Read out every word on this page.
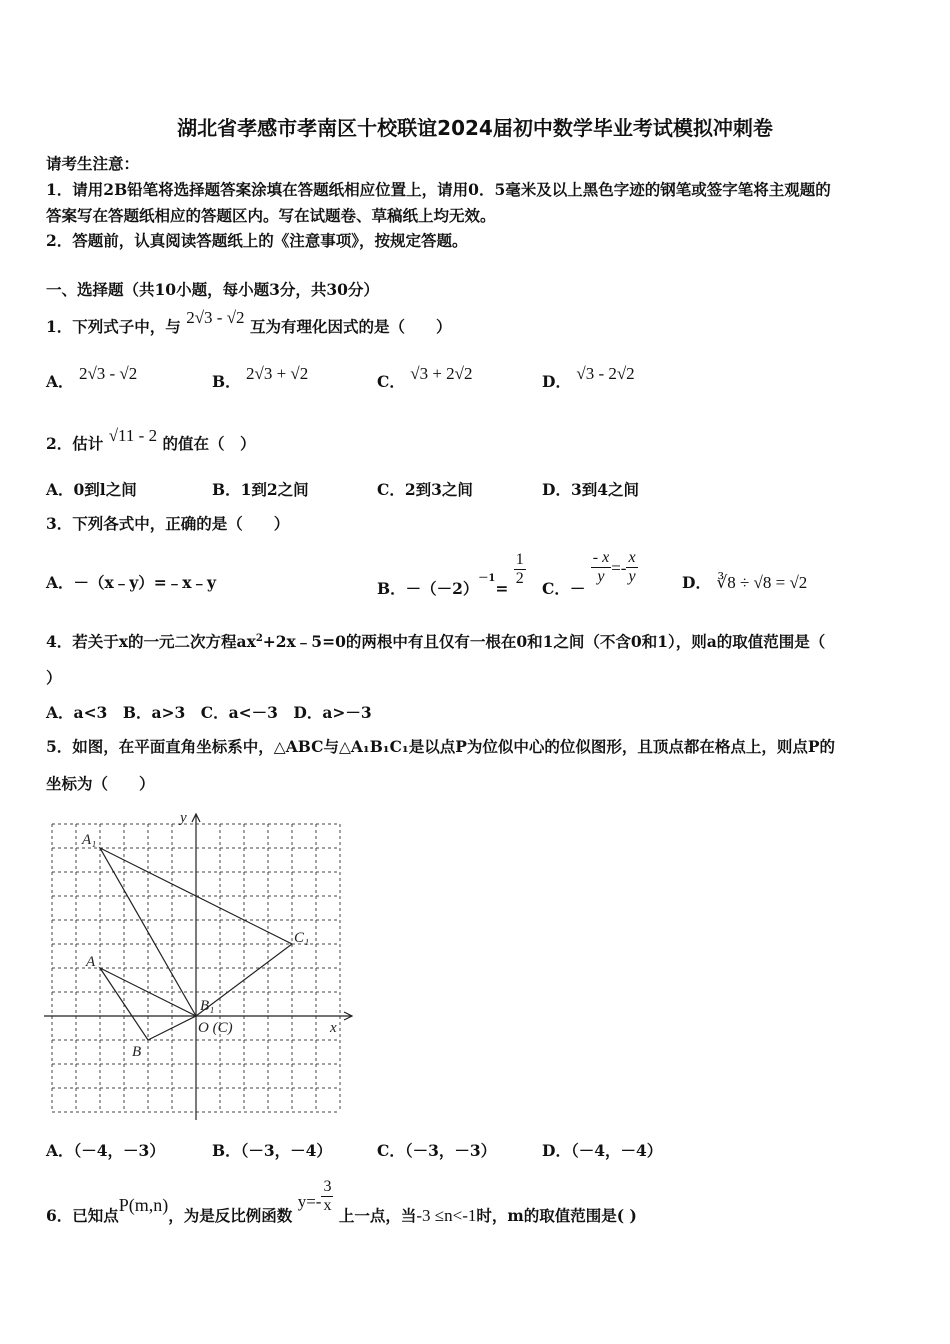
湖北省孝感市孝南区十校联谊2024届初中数学毕业考试模拟冲刺卷
请考生注意：
1．请用2B铅笔将选择题答案涂填在答题纸相应位置上，请用0．5毫米及以上黑色字迹的钢笔或签字笔将主观题的
答案写在答题纸相应的答题区内。写在试题卷、草稿纸上均无效。
2．答题前，认真阅读答题纸上的《注意事项》，按规定答题。
一、选择题（共10小题，每小题3分，共30分）
1．下列式子中，与 2√3 - √2 互为有理化因式的是（　　）
A． 2√3 - √2	B． 2√3 + √2	C． √3 + 2√2	D． √3 - 2√2
2．估计 √11 - 2 的值在（　）
A．0到l之间	B．1到2之间	C．2到3之间	D．3到4之间
3．下列各式中，正确的是（　　）
A．－（x﹣y）=﹣x﹣y	B．$-(-2)^{-1}= \frac{1}{2}$ C．－
$\frac{- x}{y} =- \frac{x}{y}$	D． ∛8 ÷ √8 = √2
4．若关于x的一元二次方程$ax^2+2x﹣5=0$的两根中有且仅有一根在0和1之间（不含0和1），则a的取值范围是（
）
A．a<3　B．a>3　C．a<－3　D．a>－3
5．如图，在平面直角坐标系中，△ABC与△A₁B₁C₁是以点P为位似中心的位似图形，且顶点都在格点上，则点P的
坐标为（　　）
y
x
A₁
C₁
A
B₁
O (C)
B
A．（－4，－3）	B．（－3，－4）	C．（－3，－3）	D．（－4，－4）
6．已知点P(m,n)，为是反比例函数 $y=- \frac{3}{x}$ 上一点，当-3 ≤n<-1时，m的取值范围是( )
